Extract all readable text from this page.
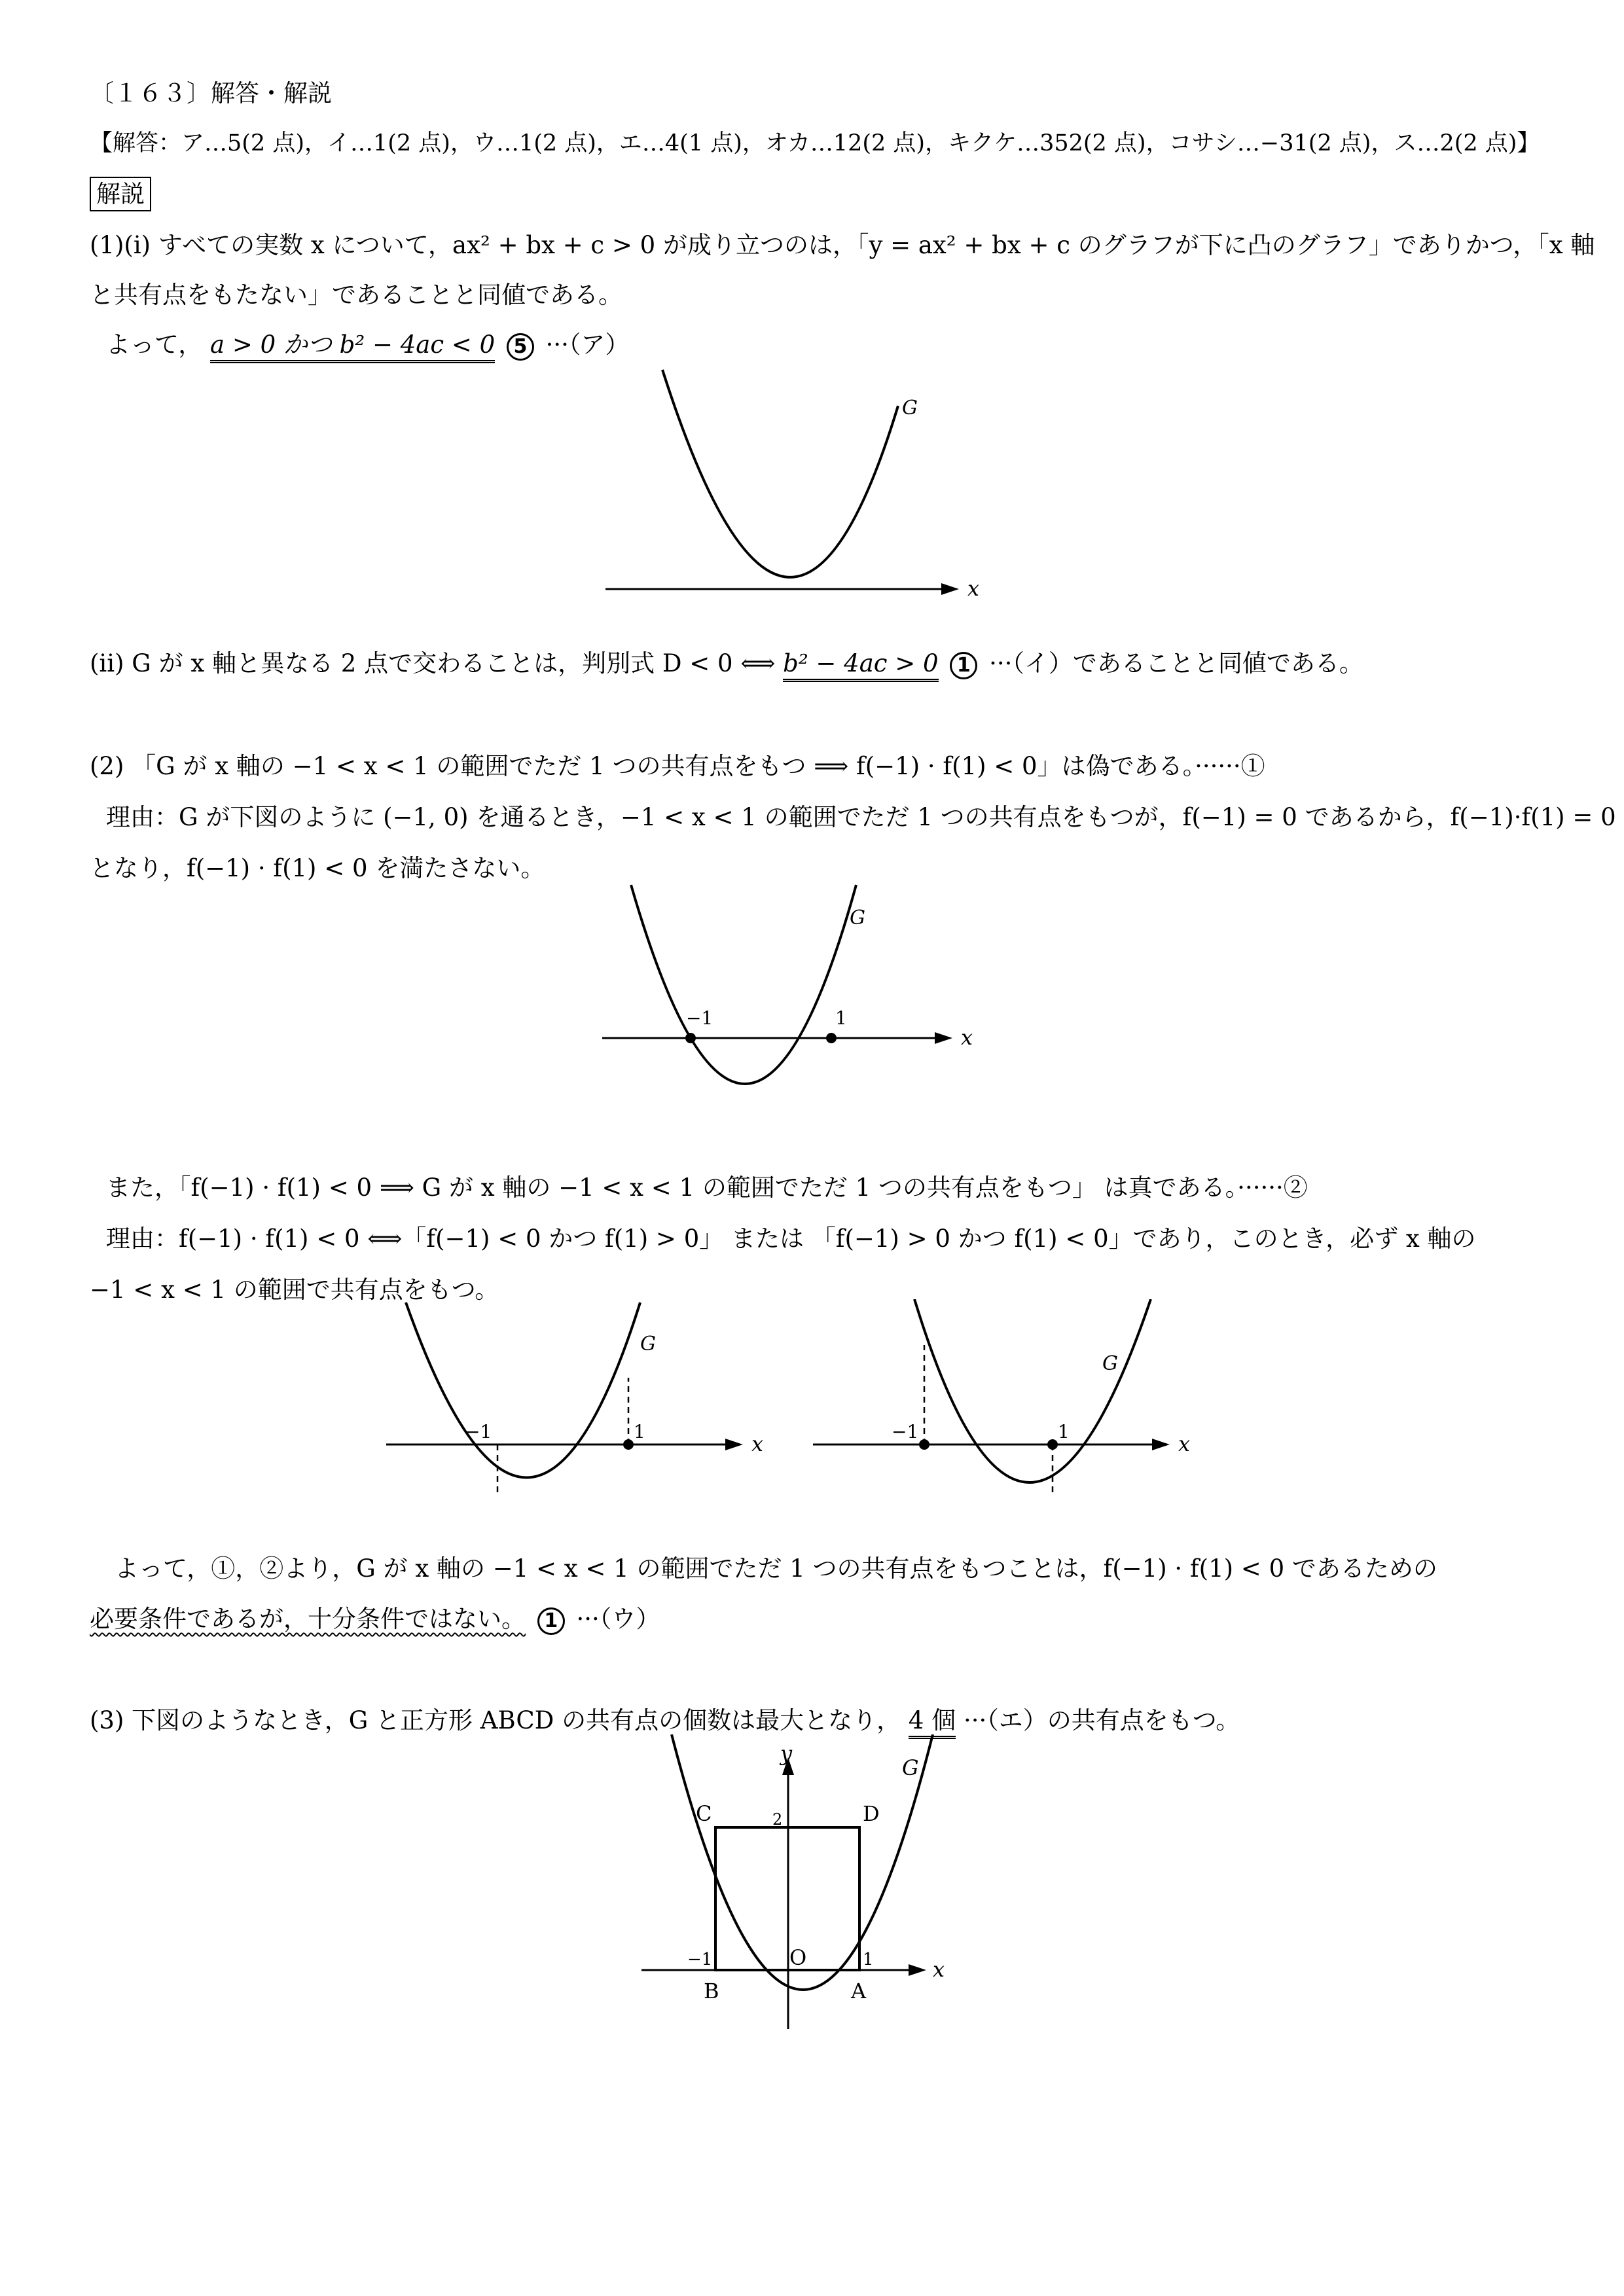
〔１６３〕解答・解説
【解答：ア…5(2 点)，イ…1(2 点)，ウ…1(2 点)，エ…4(1 点)，オカ…12(2 点)，キクケ…352(2 点)，コサシ…−31(2 点)，ス…2(2 点)】
解説
(1)(i) すべての実数 x について，ax² + bx + c > 0 が成り立つのは，「y = ax² + bx + c のグラフが下に凸のグラフ」でありかつ，「x 軸
と共有点をもたない」であることと同値である。
よって， a > 0 かつ b² − 4ac < 0 5 ···（ア）
G
x
(ii) G が x 軸と異なる 2 点で交わることは，判別式 D < 0 ⟺ b² − 4ac > 0 1 ···（イ）であることと同値である。
(2) 「G が x 軸の −1 < x < 1 の範囲でただ 1 つの共有点をもつ ⟹ f(−1) · f(1) < 0」は偽である。······①
理由：G が下図のように (−1, 0) を通るとき，−1 < x < 1 の範囲でただ 1 つの共有点をもつが，f(−1) = 0 であるから，f(−1)·f(1) = 0
となり，f(−1) · f(1) < 0 を満たさない。
−1	1
G
x
また，「f(−1) · f(1) < 0 ⟹ G が x 軸の −1 < x < 1 の範囲でただ 1 つの共有点をもつ」 は真である。······②
理由：f(−1) · f(1) < 0 ⟺「f(−1) < 0 かつ f(1) > 0」 または 「f(−1) > 0 かつ f(1) < 0」であり，このとき，必ず x 軸の
−1 < x < 1 の範囲で共有点をもつ。
−1	1
G
x	−1	1
G
x
よって，①，②より，G が x 軸の −1 < x < 1 の範囲でただ 1 つの共有点をもつことは，f(−1) · f(1) < 0 であるための
必要条件であるが，十分条件ではない。 1 ···（ウ）
(3) 下図のようなとき，G と正方形 ABCD の共有点の個数は最大となり， 4 個 ···（エ）の共有点をもつ。
y
x
G
C	D
B	A
O
2
−1	1
